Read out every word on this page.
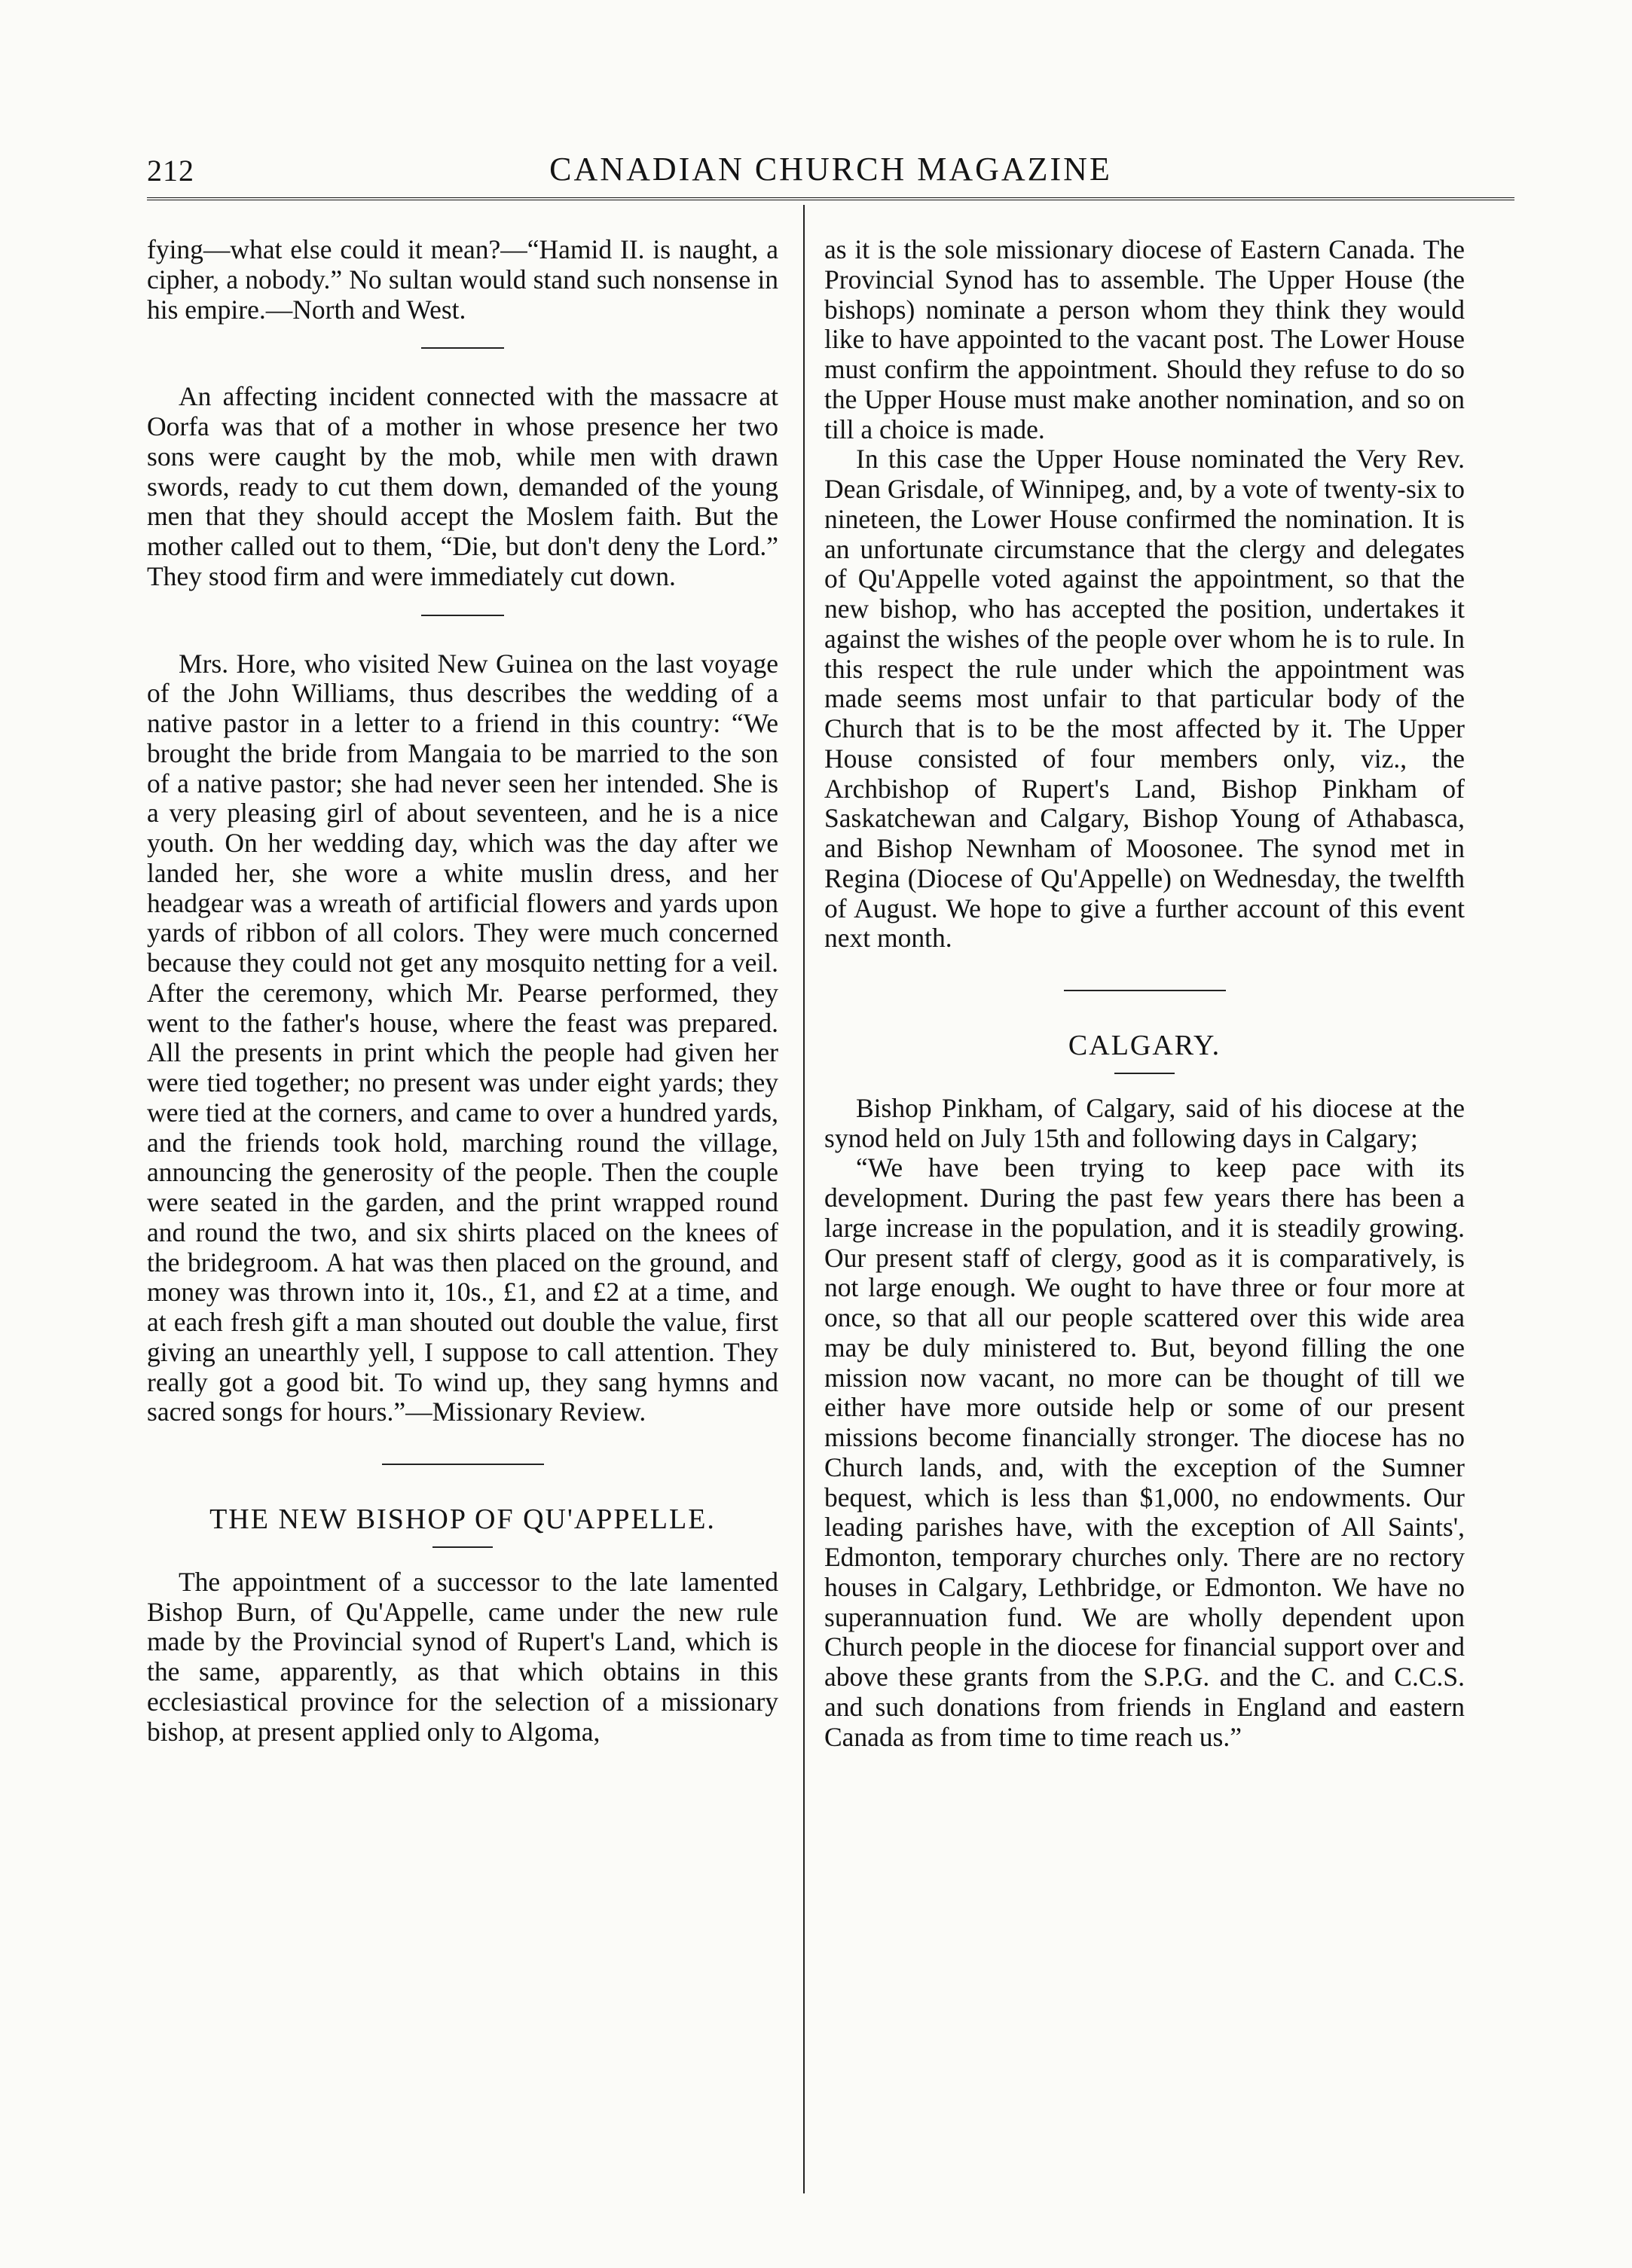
212	CANADIAN CHURCH MAGAZINE

fying—what else could it mean?—“Hamid II. is naught, a cipher, a nobody.” No sultan would stand such nonsense in his empire.—North and West.

An affecting incident connected with the massacre at Oorfa was that of a mother in whose presence her two sons were caught by the mob, while men with drawn swords, ready to cut them down, demanded of the young men that they should accept the Moslem faith. But the mother called out to them, “Die, but don't deny the Lord.” They stood firm and were immediately cut down.

Mrs. Hore, who visited New Guinea on the last voyage of the John Williams, thus describes the wedding of a native pastor in a letter to a friend in this country: “We brought the bride from Mangaia to be married to the son of a native pastor; she had never seen her intended. She is a very pleasing girl of about seventeen, and he is a nice youth. On her wedding day, which was the day after we landed her, she wore a white muslin dress, and her headgear was a wreath of artificial flowers and yards upon yards of ribbon of all colors. They were much concerned because they could not get any mosquito netting for a veil. After the ceremony, which Mr. Pearse performed, they went to the father's house, where the feast was prepared. All the presents in print which the people had given her were tied together; no present was under eight yards; they were tied at the corners, and came to over a hundred yards, and the friends took hold, marching round the village, announcing the generosity of the people. Then the couple were seated in the garden, and the print wrapped round and round the two, and six shirts placed on the knees of the bridegroom. A hat was then placed on the ground, and money was thrown into it, 10s., £1, and £2 at a time, and at each fresh gift a man shouted out double the value, first giving an unearthly yell, I suppose to call attention. They really got a good bit. To wind up, they sang hymns and sacred songs for hours.”—Missionary Review.

THE NEW BISHOP OF QU'APPELLE.

The appointment of a successor to the late lamented Bishop Burn, of Qu'Appelle, came under the new rule made by the Provincial synod of Rupert's Land, which is the same, apparently, as that which obtains in this ecclesiastical province for the selection of a missionary bishop, at present applied only to Algoma,

as it is the sole missionary diocese of Eastern Canada. The Provincial Synod has to assemble. The Upper House (the bishops) nominate a person whom they think they would like to have appointed to the vacant post. The Lower House must confirm the appointment. Should they refuse to do so the Upper House must make another nomination, and so on till a choice is made.

In this case the Upper House nominated the Very Rev. Dean Grisdale, of Winnipeg, and, by a vote of twenty-six to nineteen, the Lower House confirmed the nomination. It is an unfortunate circumstance that the clergy and delegates of Qu'Appelle voted against the appointment, so that the new bishop, who has accepted the position, undertakes it against the wishes of the people over whom he is to rule. In this respect the rule under which the appointment was made seems most unfair to that particular body of the Church that is to be the most affected by it. The Upper House consisted of four members only, viz., the Archbishop of Rupert's Land, Bishop Pinkham of Saskatchewan and Calgary, Bishop Young of Athabasca, and Bishop Newnham of Moosonee. The synod met in Regina (Diocese of Qu'Appelle) on Wednesday, the twelfth of August. We hope to give a further account of this event next month.

CALGARY.

Bishop Pinkham, of Calgary, said of his diocese at the synod held on July 15th and following days in Calgary;

“We have been trying to keep pace with its development. During the past few years there has been a large increase in the population, and it is steadily growing. Our present staff of clergy, good as it is comparatively, is not large enough. We ought to have three or four more at once, so that all our people scattered over this wide area may be duly ministered to. But, beyond filling the one mission now vacant, no more can be thought of till we either have more outside help or some of our present missions become financially stronger. The diocese has no Church lands, and, with the exception of the Sumner bequest, which is less than $1,000, no endowments. Our leading parishes have, with the exception of All Saints', Edmonton, temporary churches only. There are no rectory houses in Calgary, Lethbridge, or Edmonton. We have no superannuation fund. We are wholly dependent upon Church people in the diocese for financial support over and above these grants from the S.P.G. and the C. and C.C.S. and such donations from friends in England and eastern Canada as from time to time reach us.”
